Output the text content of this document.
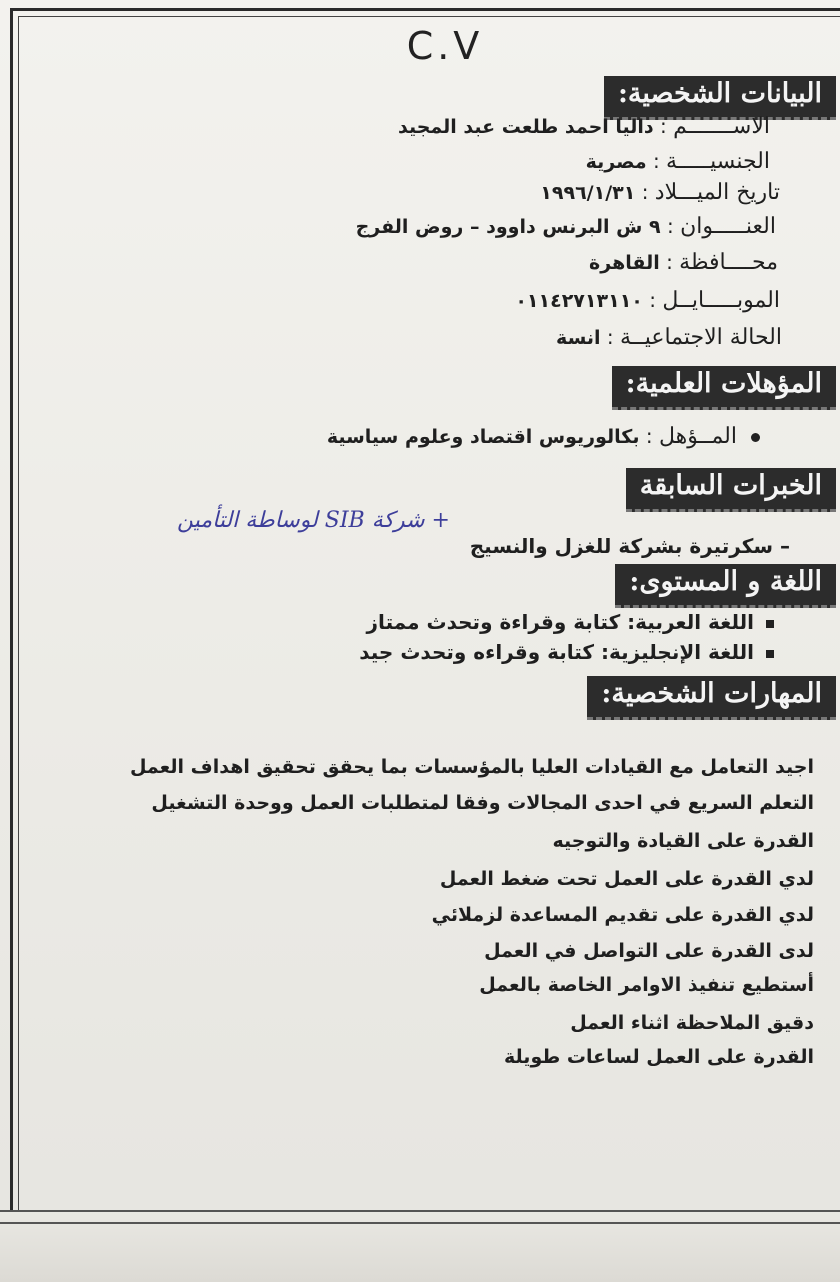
C.V
البيانات الشخصية:
الاســـــــم : داليا احمد طلعت عبد المجيد
الجنسيـــــة : مصرية
تاريخ الميـــلاد : ١٩٩٦/١/٣١
العنـــــوان : ٩ ش البرنس داوود – روض الفرج
محــــافظة : القاهرة
الموبـــــايــل : ٠١١٤٢٧١٣١١٠
الحالة الاجتماعيــة : انسة
المؤهلات العلمية:
المــؤهل : بكالوريوس اقتصاد وعلوم سياسية
الخبرات السابقة
– سكرتيرة بشركة للغزل والنسيج
+ شركة SIB لوساطة التأمين
اللغة و المستوى:
اللغة العربية: كتابة وقراءة وتحدث ممتاز
اللغة الإنجليزية: كتابة وقراءه وتحدث جيد
المهارات الشخصية:
اجيد التعامل مع القيادات العليا بالمؤسسات بما يحقق تحقيق اهداف العمل
التعلم السريع في احدى المجالات وفقا لمتطلبات العمل ووحدة التشغيل
القدرة على القيادة والتوجيه
لدي القدرة على العمل تحت ضغط العمل
لدي القدرة على تقديم المساعدة لزملائي
لدى القدرة على التواصل في العمل
أستطيع تنفيذ الاوامر الخاصة بالعمل
دقيق الملاحظة اثناء العمل
القدرة على العمل لساعات طويلة
